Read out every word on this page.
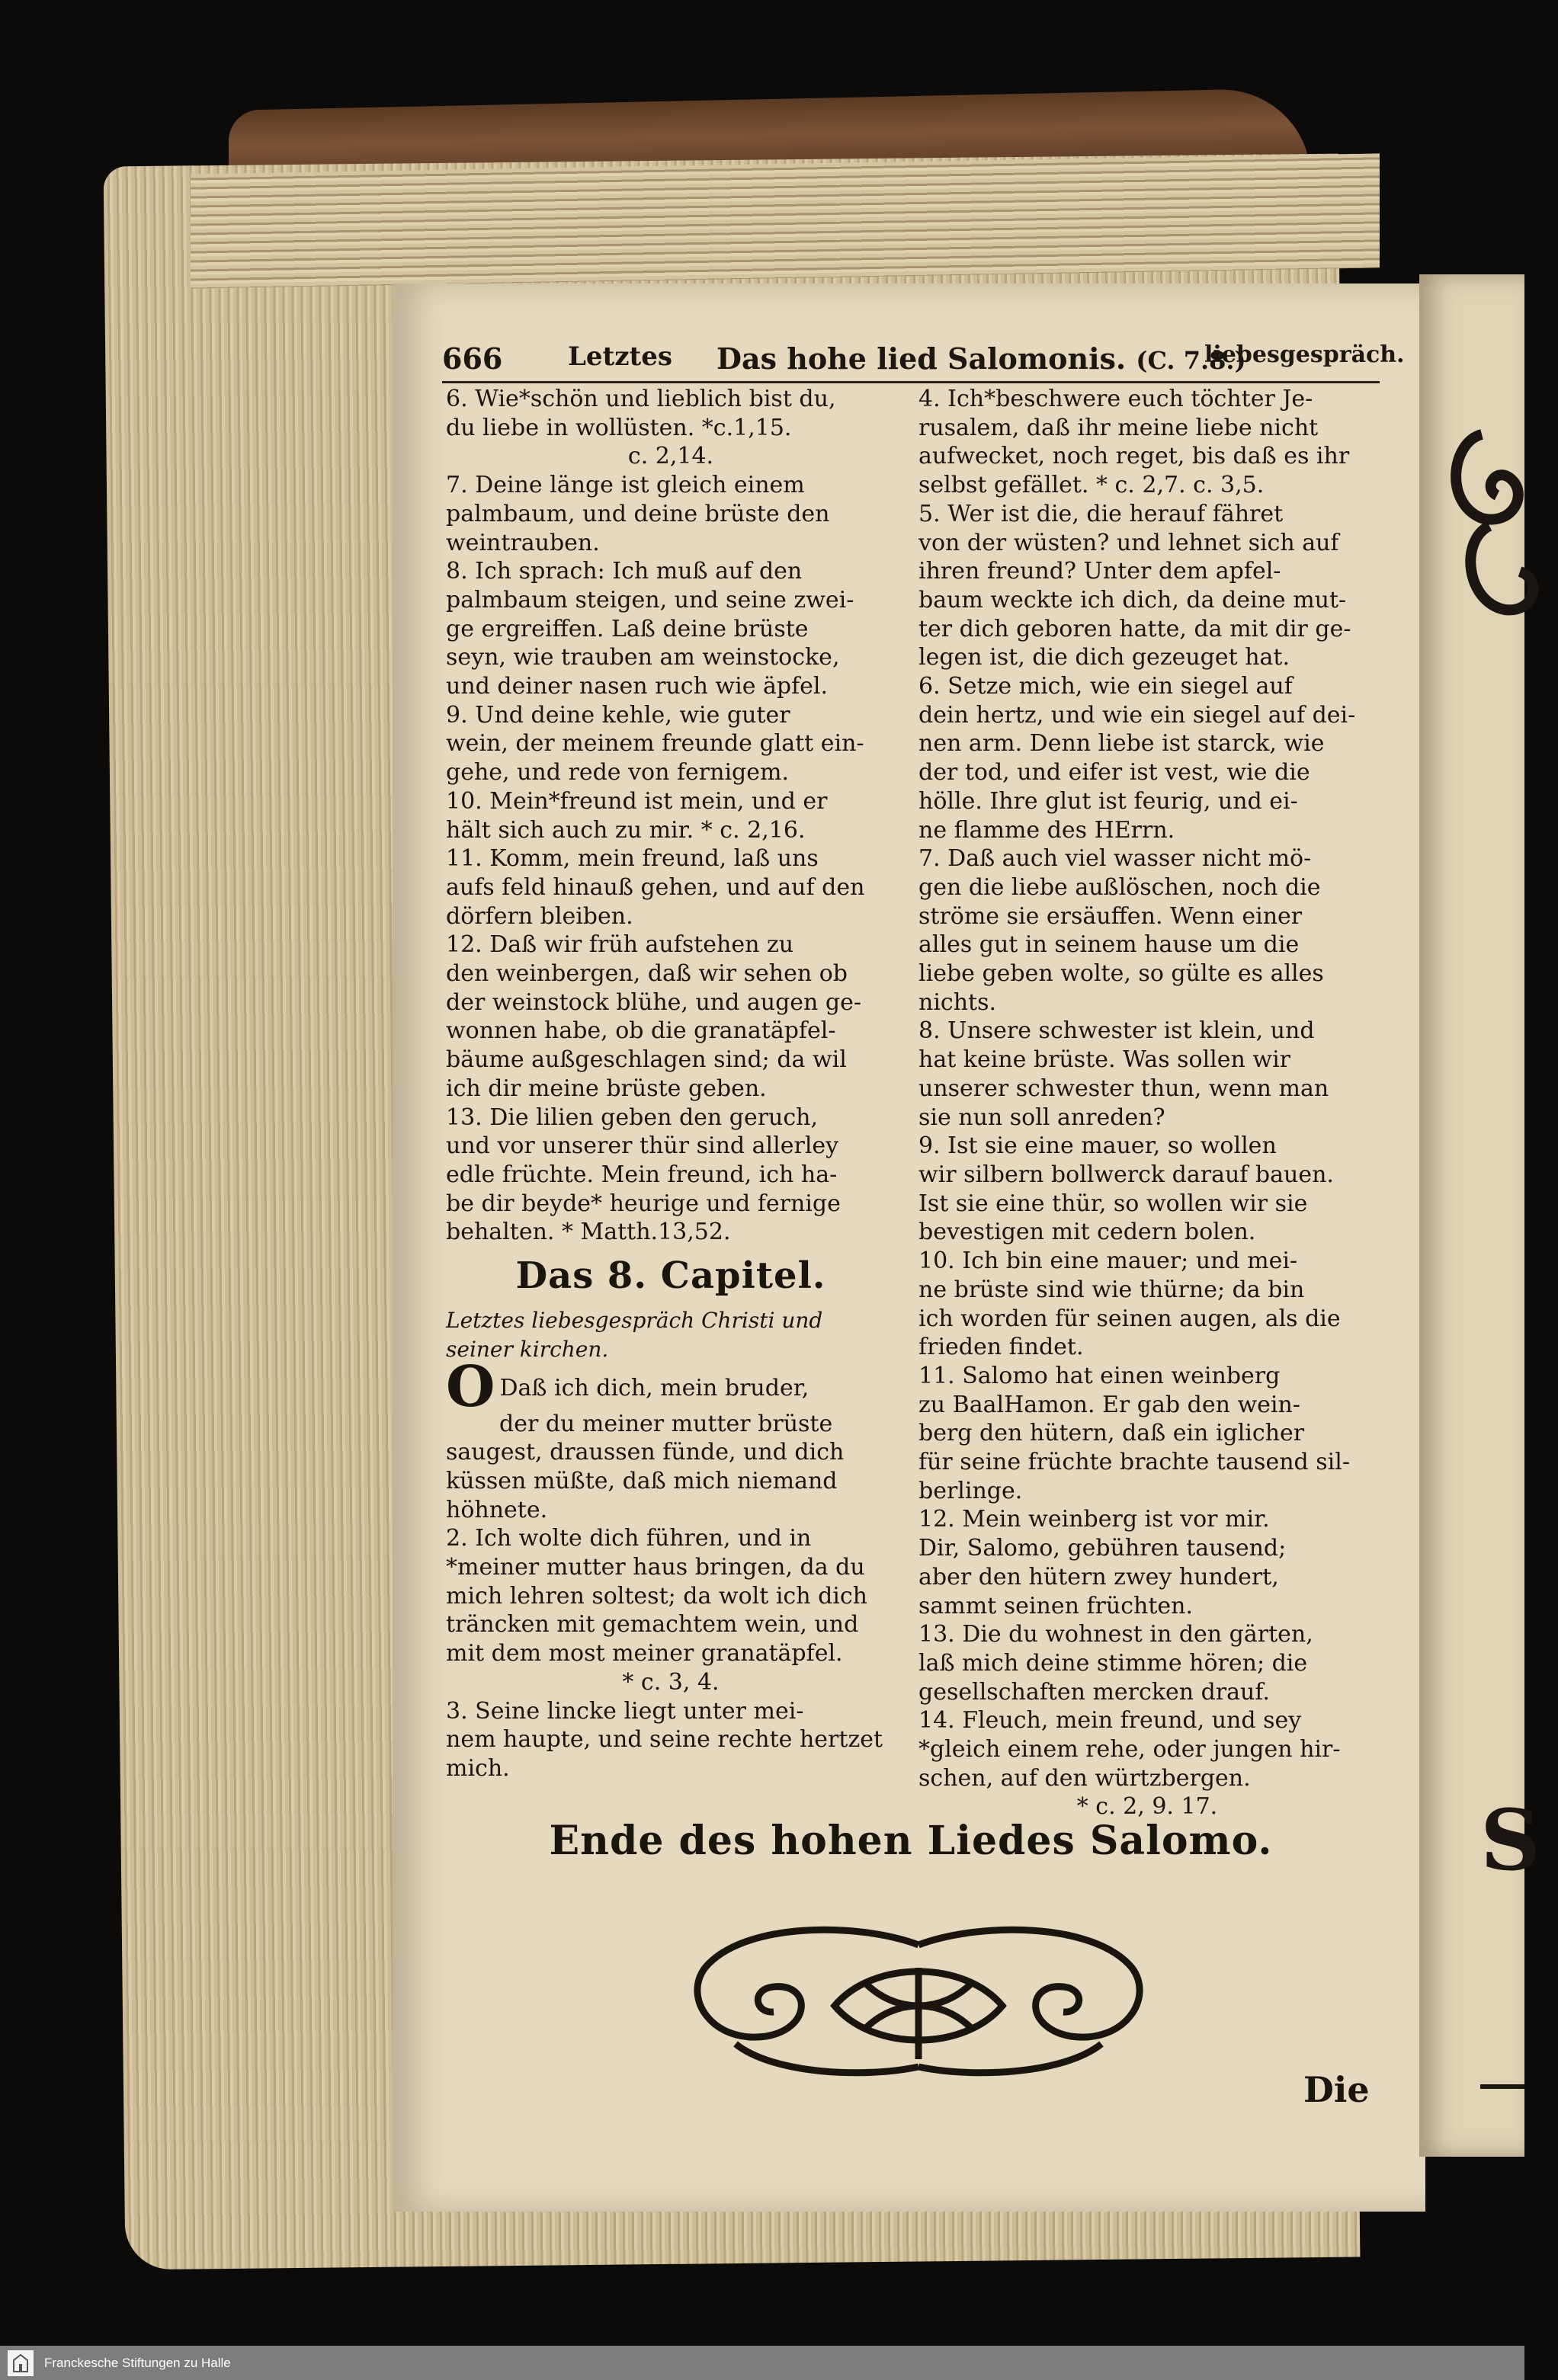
S
666	Letztes Das hohe lied Salomonis. (C. 7.8.)
liebesgespräch.

6. Wie*schön und lieblich bist du,

du liebe in wollüsten. *c.1,15.

c. 2,14.

7. Deine länge ist gleich einem

palmbaum, und deine brüste den

weintrauben.

8. Ich sprach: Ich muß auf den

palmbaum steigen, und seine zwei-

ge ergreiffen. Laß deine brüste

seyn, wie trauben am weinstocke,

und deiner nasen ruch wie äpfel.

9. Und deine kehle, wie guter

wein, der meinem freunde glatt ein-

gehe, und rede von fernigem.

10. Mein*freund ist mein, und er

hält sich auch zu mir. * c. 2,16.

11. Komm, mein freund, laß uns

aufs feld hinauß gehen, und auf den

dörfern bleiben.

12. Daß wir früh aufstehen zu

den weinbergen, daß wir sehen ob

der weinstock blühe, und augen ge-

wonnen habe, ob die granatäpfel-

bäume außgeschlagen sind; da wil

ich dir meine brüste geben.

13. Die lilien geben den geruch,

und vor unserer thür sind allerley

edle früchte. Mein freund, ich ha-

be dir beyde* heurige und fernige

behalten. * Matth.13,52.

Das 8. Capitel.

Letztes liebesgespräch Christi und

seiner kirchen.

O Daß ich dich, mein bruder,

der du meiner mutter brüste

saugest, draussen fünde, und dich

küssen müßte, daß mich niemand

höhnete.

2. Ich wolte dich führen, und in

*meiner mutter haus bringen, da du

mich lehren soltest; da wolt ich dich

träncken mit gemachtem wein, und

mit dem most meiner granatäpfel.

* c. 3, 4.

3. Seine lincke liegt unter mei-

nem haupte, und seine rechte hertzet

mich.

4. Ich*beschwere euch töchter Je-

rusalem, daß ihr meine liebe nicht

aufwecket, noch reget, bis daß es ihr

selbst gefället. * c. 2,7. c. 3,5.

5. Wer ist die, die herauf fähret

von der wüsten? und lehnet sich auf

ihren freund? Unter dem apfel-

baum weckte ich dich, da deine mut-

ter dich geboren hatte, da mit dir ge-

legen ist, die dich gezeuget hat.

6. Setze mich, wie ein siegel auf

dein hertz, und wie ein siegel auf dei-

nen arm. Denn liebe ist starck, wie

der tod, und eifer ist vest, wie die

hölle. Ihre glut ist feurig, und ei-

ne flamme des HErrn.

7. Daß auch viel wasser nicht mö-

gen die liebe außlöschen, noch die

ströme sie ersäuffen. Wenn einer

alles gut in seinem hause um die

liebe geben wolte, so gülte es alles

nichts.

8. Unsere schwester ist klein, und

hat keine brüste. Was sollen wir

unserer schwester thun, wenn man

sie nun soll anreden?

9. Ist sie eine mauer, so wollen

wir silbern bollwerck darauf bauen.

Ist sie eine thür, so wollen wir sie

bevestigen mit cedern bolen.

10. Ich bin eine mauer; und mei-

ne brüste sind wie thürne; da bin

ich worden für seinen augen, als die

frieden findet.

11. Salomo hat einen weinberg

zu BaalHamon. Er gab den wein-

berg den hütern, daß ein iglicher

für seine früchte brachte tausend sil-

berlinge.

12. Mein weinberg ist vor mir.

Dir, Salomo, gebühren tausend;

aber den hütern zwey hundert,

sammt seinen früchten.

13. Die du wohnest in den gärten,

laß mich deine stimme hören; die

gesellschaften mercken drauf.

14. Fleuch, mein freund, und sey

*gleich einem rehe, oder jungen hir-

schen, auf den würtzbergen.

* c. 2, 9. 17.

Ende des hohen Liedes Salomo.
Die
Franckesche Stiftungen zu Halle
